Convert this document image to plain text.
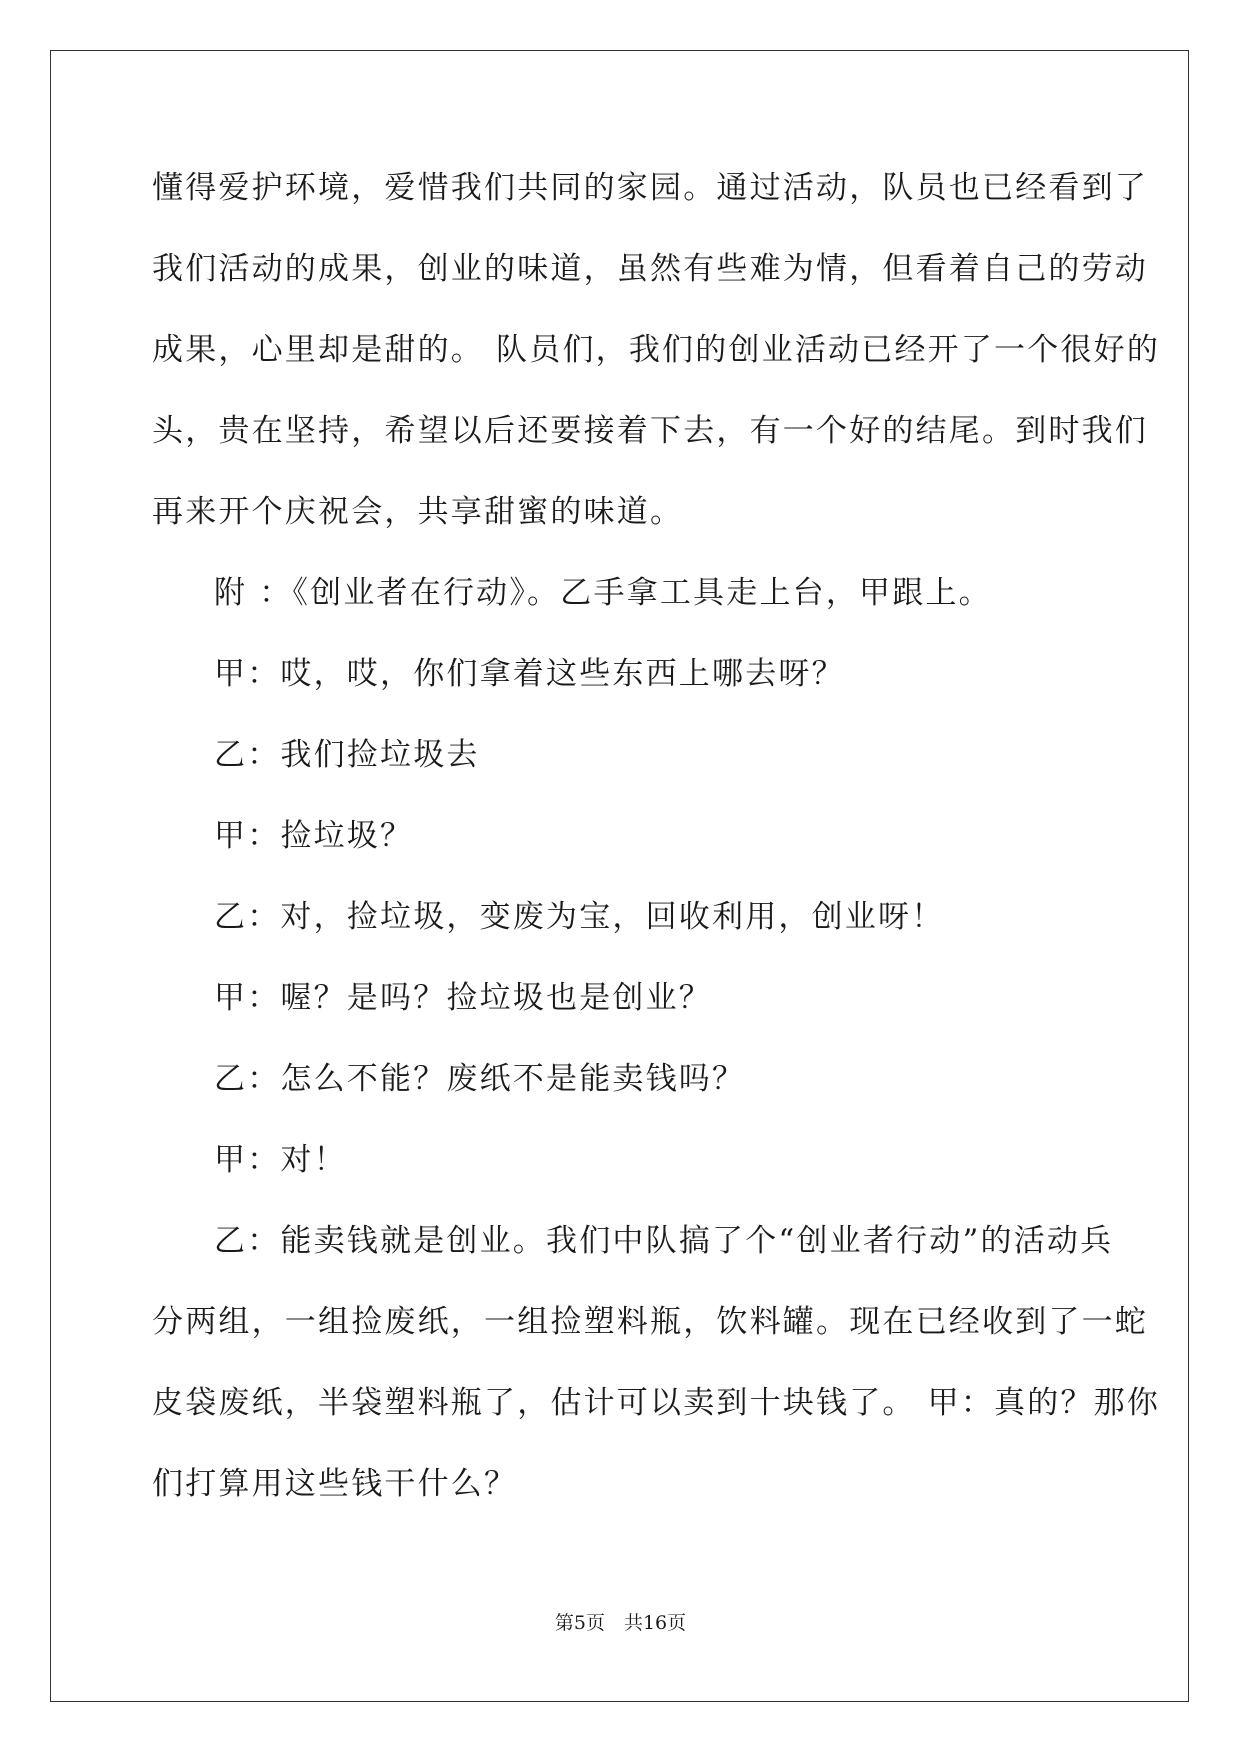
懂得爱护环境，爱惜我们共同的家园。通过活动，队员也已经看到了
我们活动的成果，创业的味道，虽然有些难为情，但看着自己的劳动
成果，心里却是甜的。 队员们，我们的创业活动已经开了一个很好的
头，贵在坚持，希望以后还要接着下去，有一个好的结尾。到时我们
再来开个庆祝会，共享甜蜜的味道。
附 ：《创业者在行动》。乙手拿工具走上台，甲跟上。
甲：哎，哎，你们拿着这些东西上哪去呀？
乙：我们捡垃圾去
甲：捡垃圾？
乙：对，捡垃圾，变废为宝，回收利用，创业呀！
甲：喔？是吗？捡垃圾也是创业？
乙：怎么不能？废纸不是能卖钱吗？
甲：对！
乙：能卖钱就是创业。我们中队搞了个“创业者行动”的活动兵
分两组，一组捡废纸，一组捡塑料瓶，饮料罐。现在已经收到了一蛇
皮袋废纸，半袋塑料瓶了，估计可以卖到十块钱了。 甲：真的？那你
们打算用这些钱干什么？
第5页　共16页
